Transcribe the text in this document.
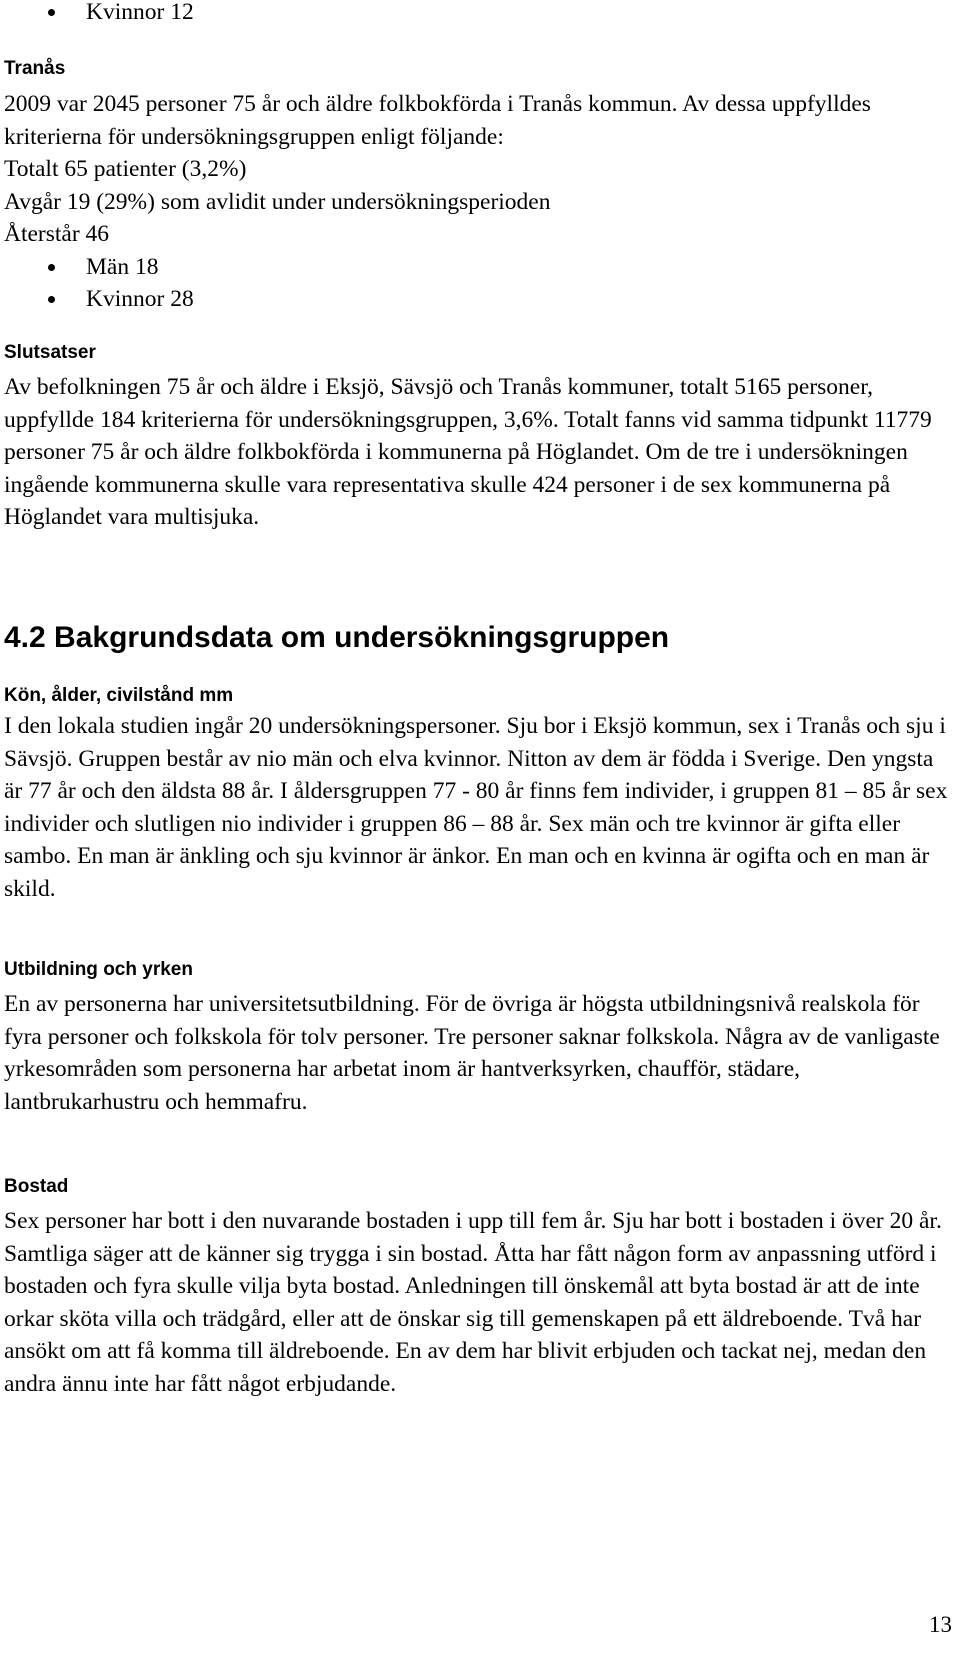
Kvinnor 12
Tranås

2009 var 2045 personer 75 år och äldre folkbokförda i Tranås kommun. Av dessa uppfylldes kriterierna för undersökningsgruppen enligt följande:

Totalt 65 patienter (3,2%)

Avgår 19 (29%) som avlidit under undersökningsperioden

Återstår 46

Män 18
Kvinnor 28
Slutsatser

Av befolkningen 75 år och äldre i Eksjö, Sävsjö och Tranås kommuner, totalt 5165 personer, uppfyllde 184 kriterierna för undersökningsgruppen, 3,6%. Totalt fanns vid samma tidpunkt 11779 personer 75 år och äldre folkbokförda i kommunerna på Höglandet. Om de tre i undersökningen ingående kommunerna skulle vara representativa skulle 424 personer i de sex kommunerna på Höglandet vara multisjuka.

4.2 Bakgrundsdata om undersökningsgruppen
Kön, ålder, civilstånd mm

I den lokala studien ingår 20 undersökningspersoner. Sju bor i Eksjö kommun, sex i Tranås och sju i Sävsjö. Gruppen består av nio män och elva kvinnor. Nitton av dem är födda i Sverige. Den yngsta är 77 år och den äldsta 88 år. I åldersgruppen 77 - 80 år finns fem individer, i gruppen 81 – 85 år sex individer och slutligen nio individer i gruppen 86 – 88 år. Sex män och tre kvinnor är gifta eller sambo. En man är änkling och sju kvinnor är änkor. En man och en kvinna är ogifta och en man är skild.

Utbildning och yrken

En av personerna har universitetsutbildning. För de övriga är högsta utbildningsnivå realskola för fyra personer och folkskola för tolv personer. Tre personer saknar folkskola. Några av de vanligaste yrkesområden som personerna har arbetat inom är hantverksyrken, chaufför, städare, lantbrukarhustru och hemmafru.

Bostad

Sex personer har bott i den nuvarande bostaden i upp till fem år. Sju har bott i bostaden i över 20 år. Samtliga säger att de känner sig trygga i sin bostad. Åtta har fått någon form av anpassning utförd i bostaden och fyra skulle vilja byta bostad. Anledningen till önskemål att byta bostad är att de inte orkar sköta villa och trädgård, eller att de önskar sig till gemenskapen på ett äldreboende. Två har ansökt om att få komma till äldreboende. En av dem har blivit erbjuden och tackat nej, medan den andra ännu inte har fått något erbjudande.

13
